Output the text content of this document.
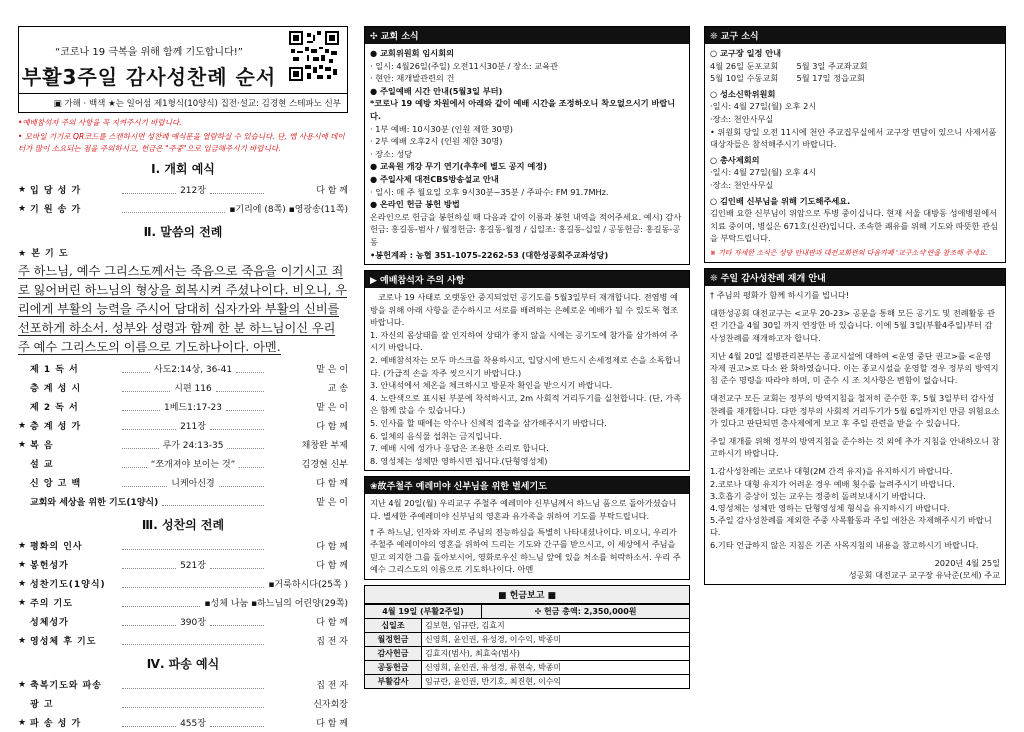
“코로나 19 극복을 위해 함께 기도합니다!”
부활3주일 감사성찬례 순서
▣ 가해 · 백색 ★는 일어섬 제1형식(10양식) 집전·설교: 김경현 스테파노 신부
•예배참석자 주의 사항을 꼭 지켜주시기 바랍니다.
• 모바일 기기로 QR코드를 스캔하시면 성찬례 예식문을 열람하실 수 있습니다. 단, 앱 사용시에 데이터가 많이 소요되는 점을 주의하시고, 헌금은 "주중"으로 입금해주시기 바랍니다.
Ⅰ. 개회 예식
★ 입 당 성 가	212장	다 함 께
★ 기 원 송 가	▪기리에 (8쪽) ▪영광송(11쪽)
Ⅱ. 말씀의 전례
★ 본 기 도
주 하느님, 예수 그리스도께서는 죽음으로 죽음을 이기시고 죄로 잃어버린 하느님의 형상을 회복시켜 주셨나이다. 비오니, 우리에게 부활의 능력을 주시어 담대히 십자가와 부활의 신비를 선포하게 하소서. 성부와 성령과 함께 한 분 하느님이신 우리 주 예수 그리스도의 이름으로 기도하나이다. 아멘.
제 1 독 서	사도2:14상, 36-41	맡 은 이
층 계 성 시	시편 116	교 송
제 2 독 서	1베드1:17-23	맡 은 이
★ 층 계 성 가	211장	다 함 께
★ 복 음	루가 24:13-35	채창완 부제
설 교	“쪼개져야 보이는 것”	김경현 신부
신 앙 고 백	니케아신경	다 함 께
교회와 세상을 위한 기도(1양식)	맡 은 이
Ⅲ. 성찬의 전례
★ 평화의 인사	다 함 께
★ 봉헌성가	521장	다 함 께
★ 성찬기도(1양식)	▪거룩하시다(25쪽 )
★ 주의 기도	▪성체 나눔 ▪하느님의 어린양(29쪽)
성체성가	390장	다 함 께
★ 영성체 후 기도	집 전 자
Ⅳ. 파송 예식
★ 축복기도와 파송	집 전 자
광 고	신자회장
★ 파 송 성 가	455장	다 함 께
✣ 교회 소식
● 교회위원회 임시회의
· 일시: 4월26일(주일) 오전11시30분 / 장소: 교육관
· 현안: 재개발관련의 건
● 주일예배 시간 안내(5월3일 부터)
*코로나 19 예방 차원에서 아래와 같이 예배 시간을 조정하오니 착오없으시기 바랍니다.
· 1부 예배: 10시30분 (인원 제한 30명)
· 2부 예배 오후2시 (인원 제한 30명)
· 장소: 성당
● 교육원 개강 무기 연기(추후에 별도 공지 예정)
● 주일사제 대전CBS방송설교 안내
· 일시: 매 주 월요일 오후 9시30분~35분 / 주파수: FM 91.7MHz.
● 온라인 헌금 봉헌 방법
온라인으로 헌금을 봉헌하실 때 다음과 같이 이름과 봉헌 내역을 적어주세요. 예시) 감사헌금: 홍길동-범사 / 월정헌금: 홍길동-월정 / 십일조: 홍길동-십일 / 공동헌금: 홍길동-공동
•봉헌계좌 : 농협 351-1075-2262-53 (대한성공회주교좌성당)
▶ 예배참석자 주의 사항
코로나 19 사태로 오랫동안 중지되었던 공기도를 5월3일부터 재개합니다. 전염병 예방을 위해 아래 사항을 준수하시고 서로를 배려하는 은혜로운 예배가 될 수 있도록 협조바랍니다.
1. 자신의 몸상태를 잘 인지하여 상태가 좋지 않을 시에는 공기도에 참가를 삼가하여 주시기 바랍니다.
2. 예배참석자는 모두 마스크를 착용하시고, 입당시에 반드시 손세정제로 손을 소독합니다. (가급적 손을 자주 씻으시기 바랍니다.)
3. 안내석에서 체온을 체크하시고 방문자 확인을 받으시기 바랍니다.
4. 노란색으로 표시된 부분에 착석하시고, 2m 사회적 거리두기를 실천합니다. (단, 가족은 함께 앉을 수 있습니다.)
5. 인사를 할 때에는 악수나 신체적 접촉을 삼가해주시기 바랍니다.
6. 일체의 음식물 섭취는 금지입니다.
7. 예배 시에 성가나 응답은 조용한 소리로 합니다.
8. 영성체는 성체만 영하시면 됩니다.(단형영성체)
❀故주철주 예레미야 신부님을 위한 별세기도
지난 4월 20일(월) 우리교구 주철주 예레미야 신부님께서 하느님 품으로 돌아가셨습니다. 별세한 주예레미야 신부님의 영혼과 유가족을 위하여 기도를 부탁드립니다.
† 주 하느님, 인자와 자비로 주님의 전능하심을 특별히 나타내셨나이다. 비오니, 우리가 주철주 예레미야의 영혼을 위하여 드리는 기도와 간구를 받으시고, 이 세상에서 주님을 믿고 의지한 그를 돌아보시어, 영화로우신 하느님 앞에 있을 처소를 허락하소서. 우리 주 예수 그리스도의 이름으로 기도하나이다. 아멘
■ 헌금보고 ■
4월 19일 (부활2주일)		✣ 헌금 총액: 2,350,000원
십일조	김보현, 임규란, 김효지	
월정헌금	신영희, 윤인권, 유성경, 이수익, 박종미	
감사헌금	김효지(범사), 최효숙(범사)	
공동헌금	신영희, 윤인권, 유성경, 류현숙, 박종미	
부활감사	임규란, 윤인권, 반기호, 최진현, 이수익	
❊ 교구 소식
○ 교구장 일정 안내
4월 26일 둔포교회       5월 3일 주교좌교회
5월 10일 수동교회       5월 17일 정읍교회
○ 성소신학위원회
·일시: 4월 27일(월) 오후 2시
·장소: 천안사무실
• 위원회 당일 오전 11시에 천안 주교집무실에서 교구장 면담이 있으니 사제서품대상자들은 참석해주시기 바랍니다.
○ 총사제회의
·일시: 4월 27일(월) 오후 4시
·장소: 천안사무실
○ 김인배 신부님을 위해 기도해주세요.
김인배 요한 신부님이 위암으로 투병 중이십니다. 현재 서울 대방동 성애병원에서 치료 중이며, 병실은 671호(신관)입니다. 조속한 쾌유를 위해 기도와 따뜻한 관심을 부탁드립니다.
※ 기타 자세한 소식은 성당 안내판과 대전교회관의 다음카페 '교구소식'란을 참조해 주세요.
❊ 주일 감사성찬례 재개 안내
† 주님의 평화가 함께 하시기를 빕니다!
대한성공회 대전교구는 <교무 20-23> 공문을 통해 모든 공기도 및 전례활동 관련 기간을 4월 30일 까지 연장한 바 있습니다. 이에 5월 3일(부활4주일)부터 감사성찬례를 재개하고자 합니다.
지난 4월 20일 질병관리본부는 종교시설에 대하여 <운영 중단 권고>를 <운영 자제 권고>로 다소 완 화하였습니다. 이는 종교시설을 운영할 경우 정부의 방역지침 준수 명령을 따라야 하며, 미 준수 시 조 치사항은 변함이 없습니다.
대전교구 모든 교회는 정부의 방역지침을 철저히 준수한 후, 5월 3일부터 감사성찬례를 재개합니다. 다만 정부의 사회적 거리두기가 5월 6일까지인 만큼 위험요소가 있다고 판단되면 총사제에게 보고 후 주일 관련을 받을 수 있습니다.
주일 재개를 위해 정부의 방역지침을 준수하는 것 외에 추가 지침을 안내하오니 참고하시기 바랍니다.
1.감사성찬례는 코로나 대형(2M 간격 유지)을 유지하시기 바랍니다.
2.코로나 대형 유지가 어려운 경우 예배 횟수를 늘려주시기 바랍니다.
3.호흡기 증상이 있는 교우는 정중히 돌려보내시기 바랍니다.
4.영성체는 성체만 영하는 단형영성체 형식을 유지하시기 바랍니다.
5.주일 감사성찬례를 제외한 주중 사목활동과 주일 애찬은 자제해주시기 바랍니다.
6.기타 언급하지 않은 지침은 기존 사목지침의 내용을 참고하시기 바랍니다.
2020년 4월 25일
성공회 대전교구 교구장 유낙준(모세) 주교
